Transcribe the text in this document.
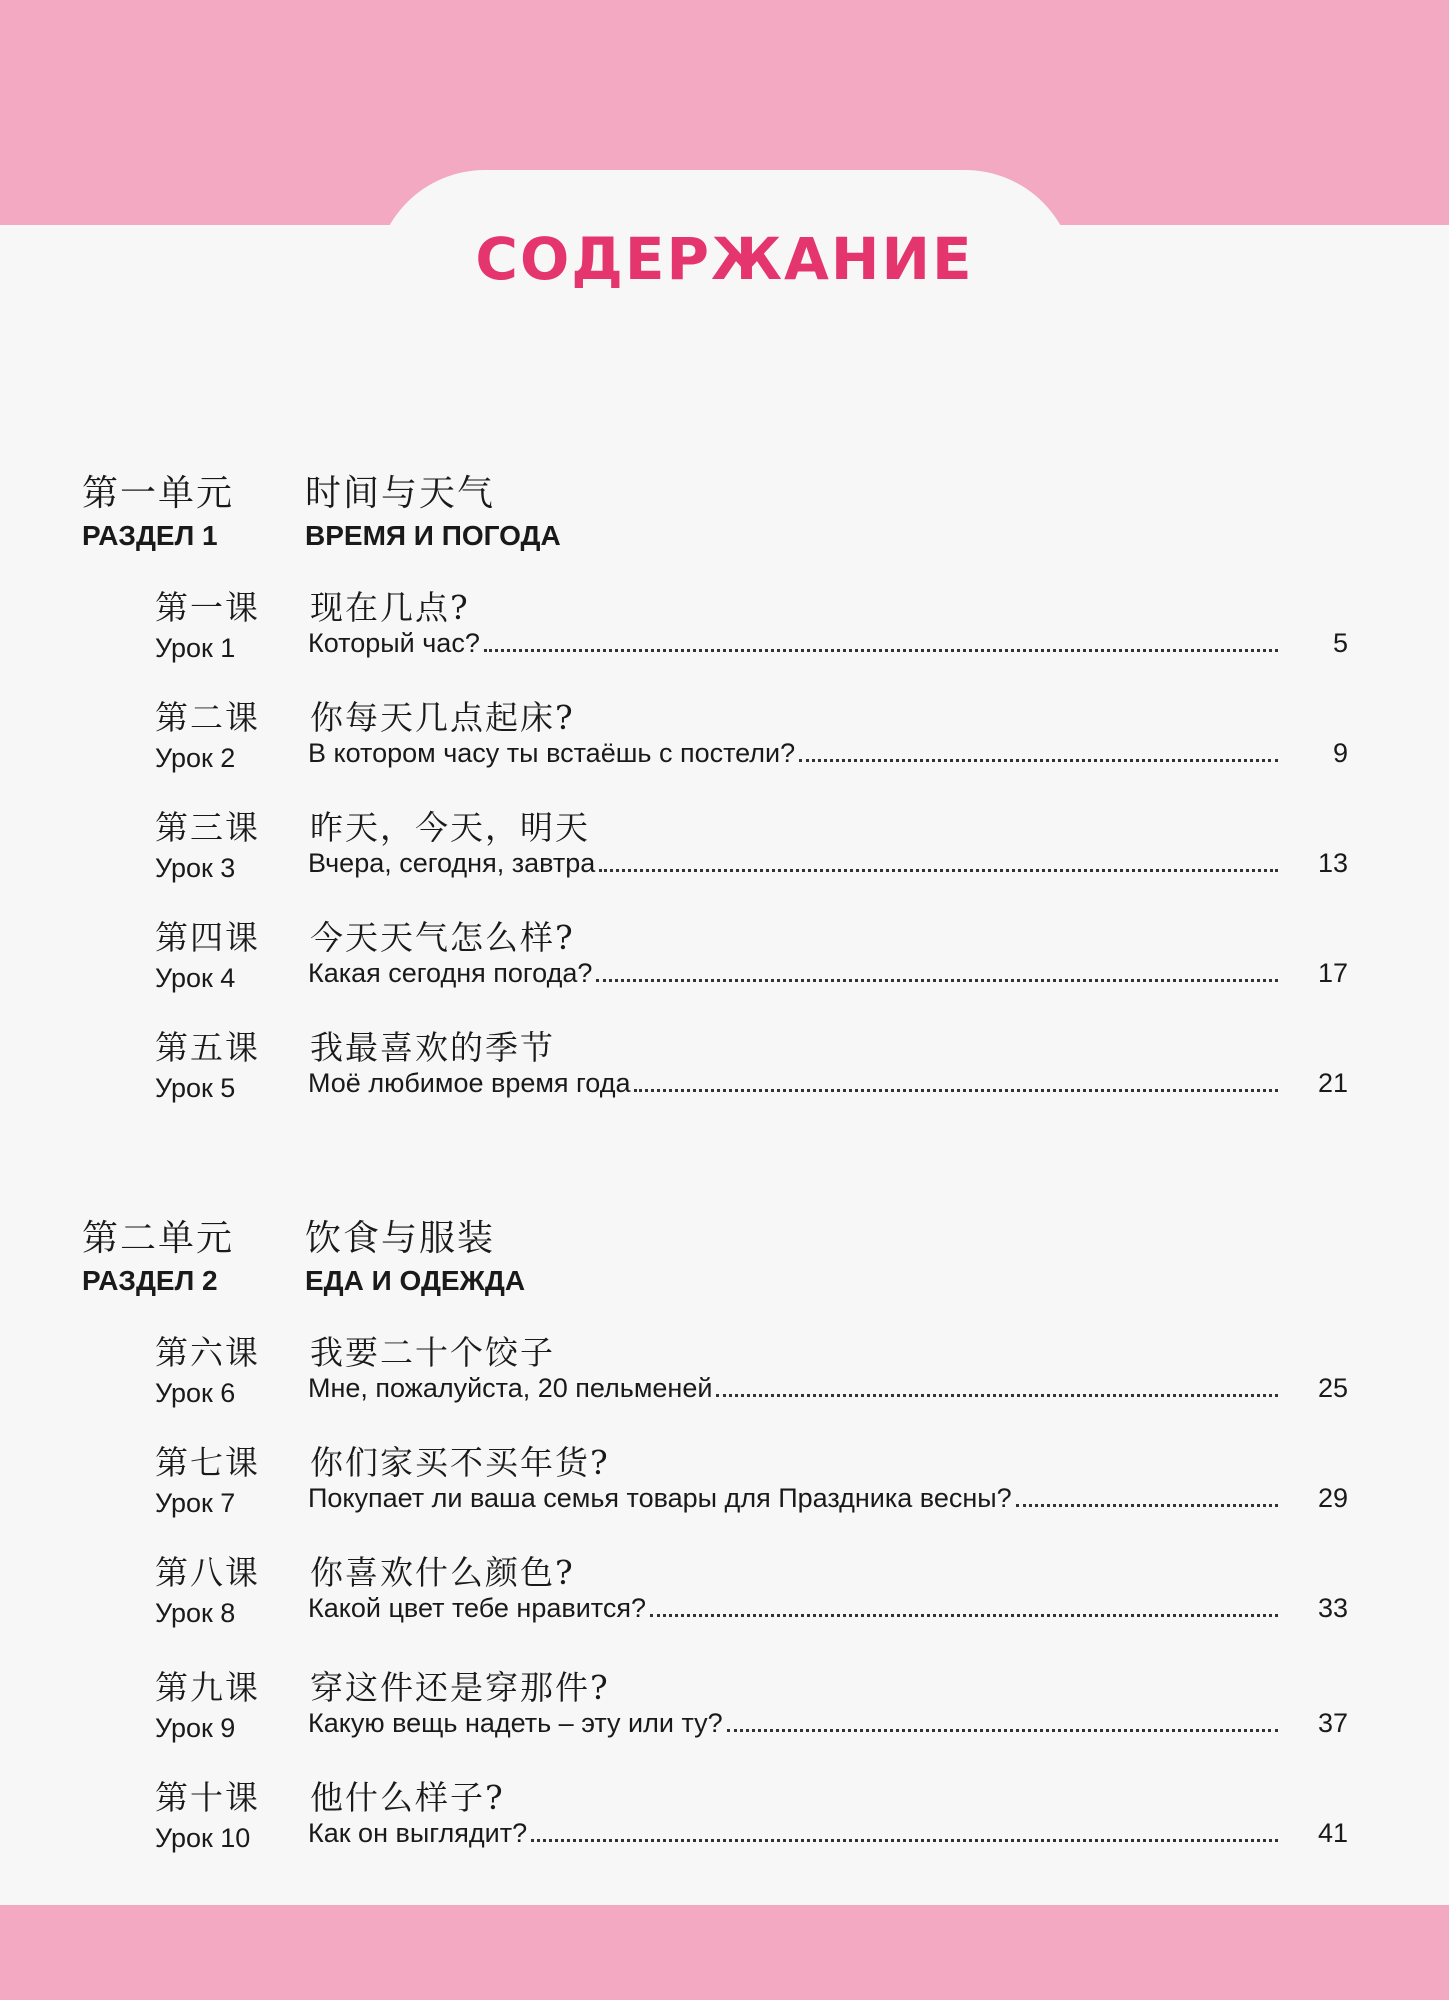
СОДЕРЖАНИЕ
第一单元 时间与天气
РАЗДЕЛ 1	ВРЕМЯ И ПОГОДА
第一课 现在几点?
Урок 1	Который час?	5
第二课 你每天几点起床?
Урок 2	В котором часу ты встаёшь с постели?	9
第三课 昨天，今天，明天
Урок 3	Вчера, сегодня, завтра	13
第四课 今天天气怎么样?
Урок 4	Какая сегодня погода?	17
第五课 我最喜欢的季节
Урок 5	Моё любимое время года	21
第二单元 饮食与服装
РАЗДЕЛ 2	ЕДА И ОДЕЖДА
第六课 我要二十个饺子
Урок 6	Мне, пожалуйста, 20 пельменей	25
第七课 你们家买不买年货?
Урок 7	Покупает ли ваша семья товары для Праздника весны?	29
第八课 你喜欢什么颜色?
Урок 8	Какой цвет тебе нравится?	33
第九课 穿这件还是穿那件?
Урок 9	Какую вещь надеть – эту или ту?	37
第十课 他什么样子?
Урок 10 Как он выглядит?	41
